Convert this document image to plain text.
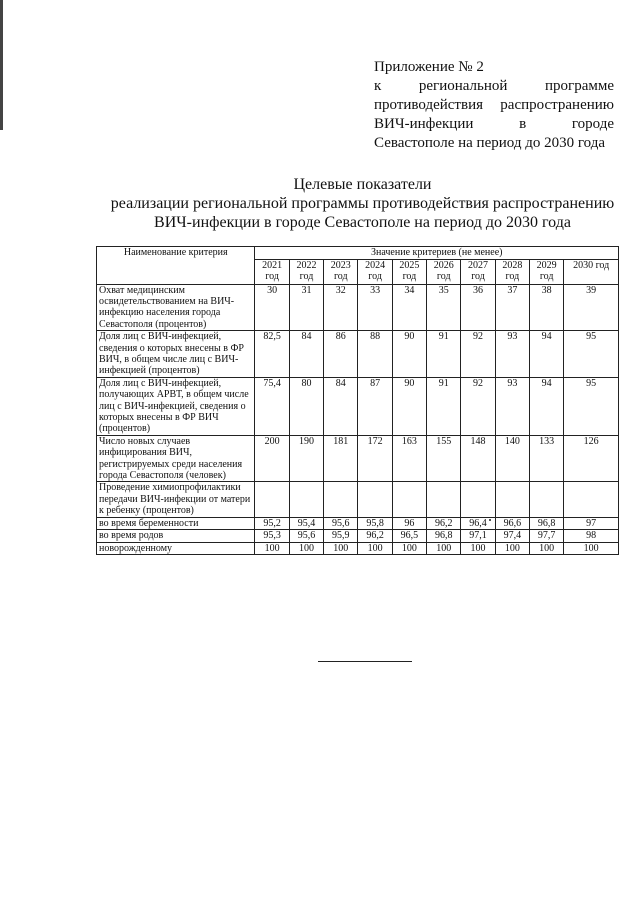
Приложение № 2
к региональной программе
противодействия распространению
ВИЧ-инфекции в городе
Севастополе на период до 2030 года
Целевые показатели
реализации региональной программы противодействия распространению
ВИЧ-инфекции в городе Севастополе на период до 2030 года
Наименование критерия	Значение критериев (не менее)									
	2021 год	2022 год	2023 год	2024 год	2025 год	2026 год	2027 год	2028 год	2029 год	2030 год
Охват медицинским освидетельствованием на ВИЧ-инфекцию населения города Севастополя (процентов)	30	31	32	33	34	35	36	37	38	39
Доля лиц с ВИЧ-инфекцией, сведения о которых внесены в ФР ВИЧ, в общем числе лиц с ВИЧ-инфекцией (процентов)	82,5	84	86	88	90	91	92	93	94	95
Доля лиц с ВИЧ-инфекцией, получающих АРВТ, в общем числе лиц с ВИЧ-инфекцией, сведения о которых внесены в ФР ВИЧ (процентов)	75,4	80	84	87	90	91	92	93	94	95
Число новых случаев инфицирования ВИЧ, регистрируемых среди населения города Севастополя (человек)	200	190	181	172	163	155	148	140	133	126
Проведение химиопрофилактики передачи ВИЧ-инфекции от матери к ребенку (процентов)										
во время беременности	95,2	95,4	95,6	95,8	96	96,2	96,4	96,6	96,8	97
во время родов	95,3	95,6	95,9	96,2	96,5	96,8	97,1	97,4	97,7	98
новорожденному	100	100	100	100	100	100	100	100	100	100
